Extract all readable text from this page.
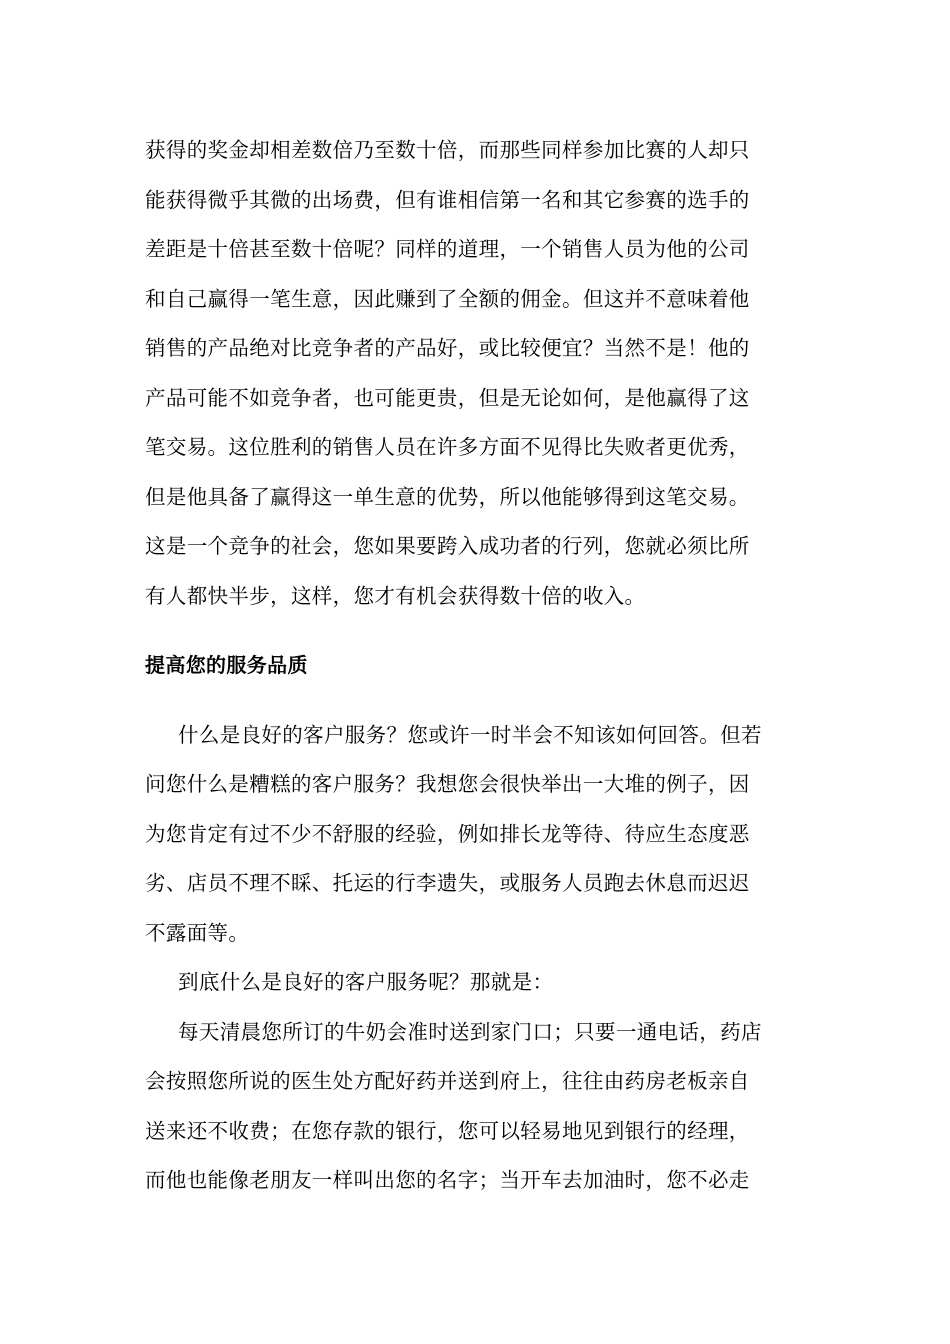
获得的奖金却相差数倍乃至数十倍，而那些同样参加比赛的人却只
能获得微乎其微的出场费，但有谁相信第一名和其它参赛的选手的
差距是十倍甚至数十倍呢？同样的道理，一个销售人员为他的公司
和自己赢得一笔生意，因此赚到了全额的佣金。但这并不意味着他
销售的产品绝对比竞争者的产品好，或比较便宜？当然不是！他的
产品可能不如竞争者，也可能更贵，但是无论如何，是他赢得了这
笔交易。这位胜利的销售人员在许多方面不见得比失败者更优秀，
但是他具备了赢得这一单生意的优势，所以他能够得到这笔交易。
这是一个竞争的社会，您如果要跨入成功者的行列，您就必须比所
有人都快半步，这样，您才有机会获得数十倍的收入。
提高您的服务品质
什么是良好的客户服务？您或许一时半会不知该如何回答。但若
问您什么是糟糕的客户服务？我想您会很快举出一大堆的例子，因
为您肯定有过不少不舒服的经验，例如排长龙等待、待应生态度恶
劣、店员不理不睬、托运的行李遗失，或服务人员跑去休息而迟迟
不露面等。
到底什么是良好的客户服务呢？那就是：
每天清晨您所订的牛奶会准时送到家门口；只要一通电话，药店
会按照您所说的医生处方配好药并送到府上，往往由药房老板亲自
送来还不收费；在您存款的银行，您可以轻易地见到银行的经理，
而他也能像老朋友一样叫出您的名字；当开车去加油时，您不必走
